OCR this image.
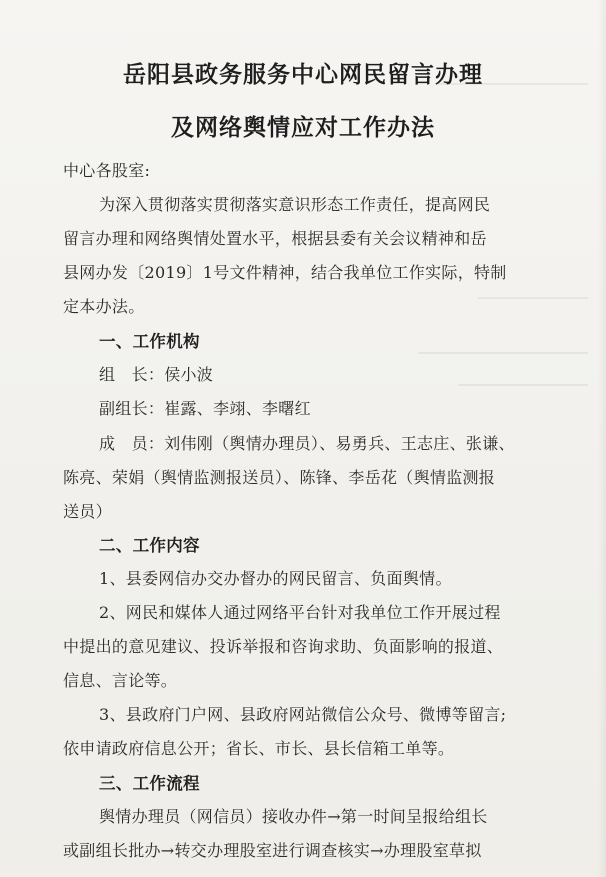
岳阳县政务服务中心网民留言办理
及网络舆情应对工作办法
中心各股室:
为深入贯彻落实贯彻落实意识形态工作责任，提高网民
留言办理和网络舆情处置水平，根据县委有关会议精神和岳
县网办发〔2019〕1号文件精神，结合我单位工作实际，特制
定本办法。
一、工作机构
组　长：侯小波
副组长：崔露、李翊、李曙红
成　员：刘伟刚（舆情办理员）、易勇兵、王志庄、张谦、
陈亮、荣娟（舆情监测报送员）、陈锋、李岳花（舆情监测报
送员）
二、工作内容
1、县委网信办交办督办的网民留言、负面舆情。
2、网民和媒体人通过网络平台针对我单位工作开展过程
中提出的意见建议、投诉举报和咨询求助、负面影响的报道、
信息、言论等。
3、县政府门户网、县政府网站微信公众号、微博等留言;
依申请政府信息公开；省长、市长、县长信箱工单等。
三、工作流程
舆情办理员（网信员）接收办件→第一时间呈报给组长
或副组长批办→转交办理股室进行调查核实→办理股室草拟
